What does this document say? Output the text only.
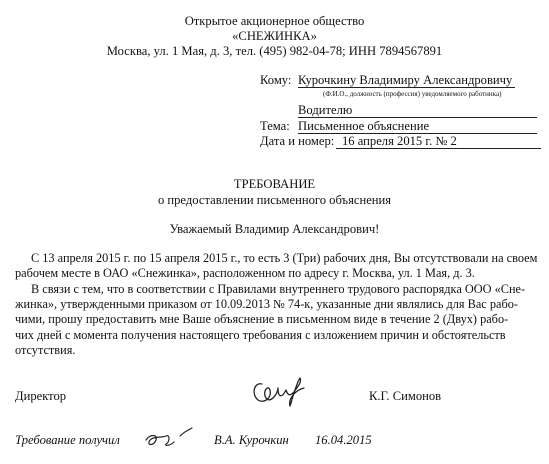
Открытое акционерное общество
«СНЕЖИНКА»
Москва, ул. 1 Мая, д. 3, тел. (495) 982-04-78; ИНН 7894567891
Кому: Курочкину Владимиру Александровичу
(Ф.И.О., должность (профессия) уведомляемого работника)
Водителю
Тема: Письменное объяснение
Дата и номер: 16 апреля 2015 г. № 2
ТРЕБОВАНИЕ
о предоставлении письменного объяснения
Уважаемый Владимир Александрович!
С 13 апреля 2015 г. по 15 апреля 2015 г., то есть 3 (Три) рабочих дня, Вы отсутствовали на своем
рабочем месте в ОАО «Снежинка», расположенном по адресу г. Москва, ул. 1 Мая, д. 3.
В связи с тем, что в соответствии с Правилами внутреннего трудового распорядка ООО «Сне-
жинка», утвержденными приказом от 10.09.2013 № 74-к, указанные дни являлись для Вас рабо-
чими, прошу предоставить мне Ваше объяснение в письменном виде в течение 2 (Двух) рабо-
чих дней с момента получения настоящего требования с изложением причин и обстоятельств
отсутствия.
Директор	К.Г. Симонов
Требование получил	В.А. Курочкин 16.04.2015
